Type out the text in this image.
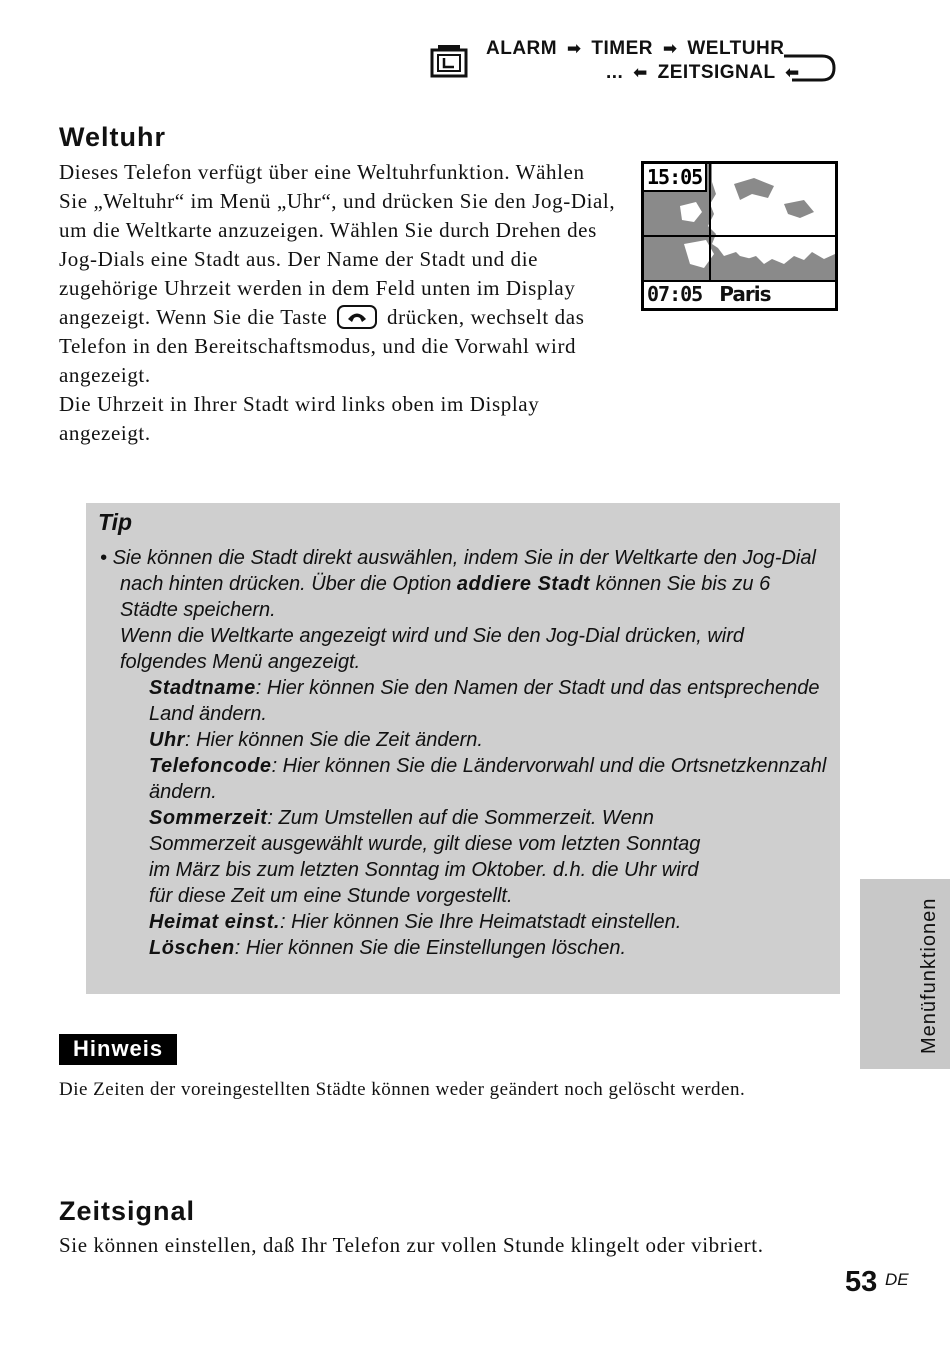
ALARM ➡ TIMER ➡ WELTUHR
... ⬅ ZEITSIGNAL ⬅
Weltuhr
Dieses Telefon verfügt über eine Weltuhrfunktion. Wählen Sie „Weltuhr“ im Menü „Uhr“, und drücken Sie den Jog-Dial, um die Weltkarte anzuzeigen. Wählen Sie durch Drehen des Jog-Dials eine Stadt aus. Der Name der Stadt und die zugehörige Uhrzeit werden in dem Feld unten im Display angezeigt. Wenn Sie die Taste	drücken, wechselt das Telefon in den Bereitschaftsmodus, und die Vorwahl wird angezeigt.
Die Uhrzeit in Ihrer Stadt wird links oben im Display angezeigt.
15:05
07:05 Paris
Tip
• Sie können die Stadt direkt auswählen, indem Sie in der Weltkarte den Jog-Dial nach hinten drücken. Über die Option addiere Stadt können Sie bis zu 6 Städte speichern.
Wenn die Weltkarte angezeigt wird und Sie den Jog-Dial drücken, wird folgendes Menü angezeigt.
Stadtname: Hier können Sie den Namen der Stadt und das entsprechende Land ändern.
Uhr: Hier können Sie die Zeit ändern.
Telefoncode: Hier können Sie die Ländervorwahl und die Ortsnetzkennzahl ändern.
Sommerzeit: Zum Umstellen auf die Sommerzeit. Wenn Sommerzeit ausgewählt wurde, gilt diese vom letzten Sonntag im März bis zum letzten Sonntag im Oktober. d.h. die Uhr wird für diese Zeit um eine Stunde vorgestellt.
Heimat einst.: Hier können Sie Ihre Heimatstadt einstellen.
Löschen: Hier können Sie die Einstellungen löschen.
Hinweis
Die Zeiten der voreingestellten Städte können weder geändert noch gelöscht werden.
Zeitsignal
Sie können einstellen, daß Ihr Telefon zur vollen Stunde klingelt oder vibriert.
Menüfunktionen
53 DE
